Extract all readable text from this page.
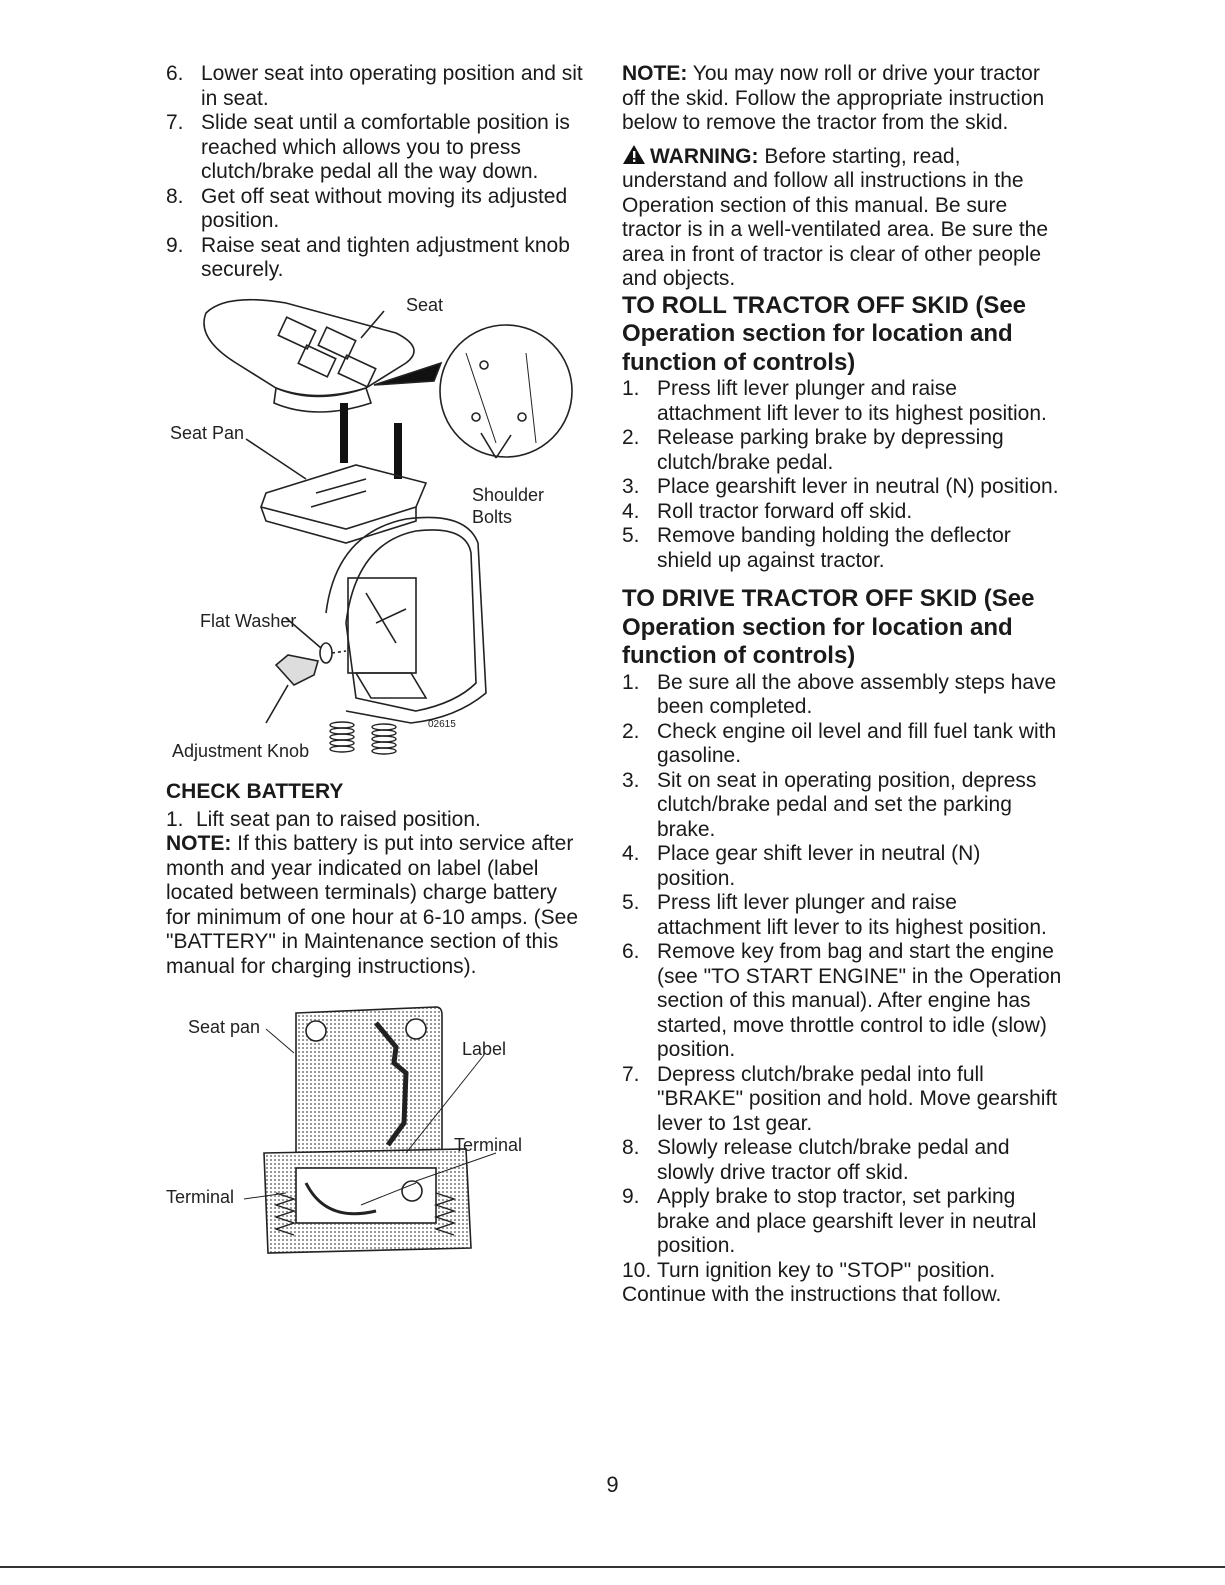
6. Lower seat into operating position and sit in seat.
7. Slide seat until a comfortable position is reached which allows you to press clutch/brake pedal all the way down.
8. Get off seat without moving its adjusted position.
9. Raise seat and tighten adjustment knob securely.
Seat
Seat Pan
Shoulder
Bolts
Flat Washer
Adjustment Knob
02615
CHECK BATTERY
1. Lift seat pan to raised position.

NOTE: If this battery is put into service after month and year indicated on label (label located between terminals) charge battery for minimum of one hour at 6-10 amps. (See "BATTERY" in Maintenance section of this manual for charging instructions).

Seat pan
Label
Terminal
Terminal

NOTE: You may now roll or drive your tractor off the skid. Follow the appropriate instruction below to remove the tractor from the skid.

WARNING: Before starting, read, understand and follow all instructions in the Operation section of this manual. Be sure tractor is in a well-ventilated area. Be sure the area in front of tractor is clear of other people and objects.

TO ROLL TRACTOR OFF SKID (See Operation section for location and function of controls)
1. Press lift lever plunger and raise attachment lift lever to its highest position.
2. Release parking brake by depressing clutch/brake pedal.
3. Place gearshift lever in neutral (N) position.
4. Roll tractor forward off skid.
5. Remove banding holding the deflector shield up against tractor.
TO DRIVE TRACTOR OFF SKID (See Operation section for location and function of controls)
1. Be sure all the above assembly steps have been completed.
2. Check engine oil level and fill fuel tank with gasoline.
3. Sit on seat in operating position, depress clutch/brake pedal and set the parking brake.
4. Place gear shift lever in neutral (N) position.
5. Press lift lever plunger and raise attachment lift lever to its highest position.
6. Remove key from bag and start the engine (see "TO START ENGINE" in the Operation section of this manual). After engine has started, move throttle control to idle (slow) position.
7. Depress clutch/brake pedal into full "BRAKE" position and hold. Move gearshift lever to 1st gear.
8. Slowly release clutch/brake pedal and slowly drive tractor off skid.
9. Apply brake to stop tractor, set parking brake and place gearshift lever in neutral position.
10. Turn ignition key to "STOP" position.

Continue with the instructions that follow.

9
